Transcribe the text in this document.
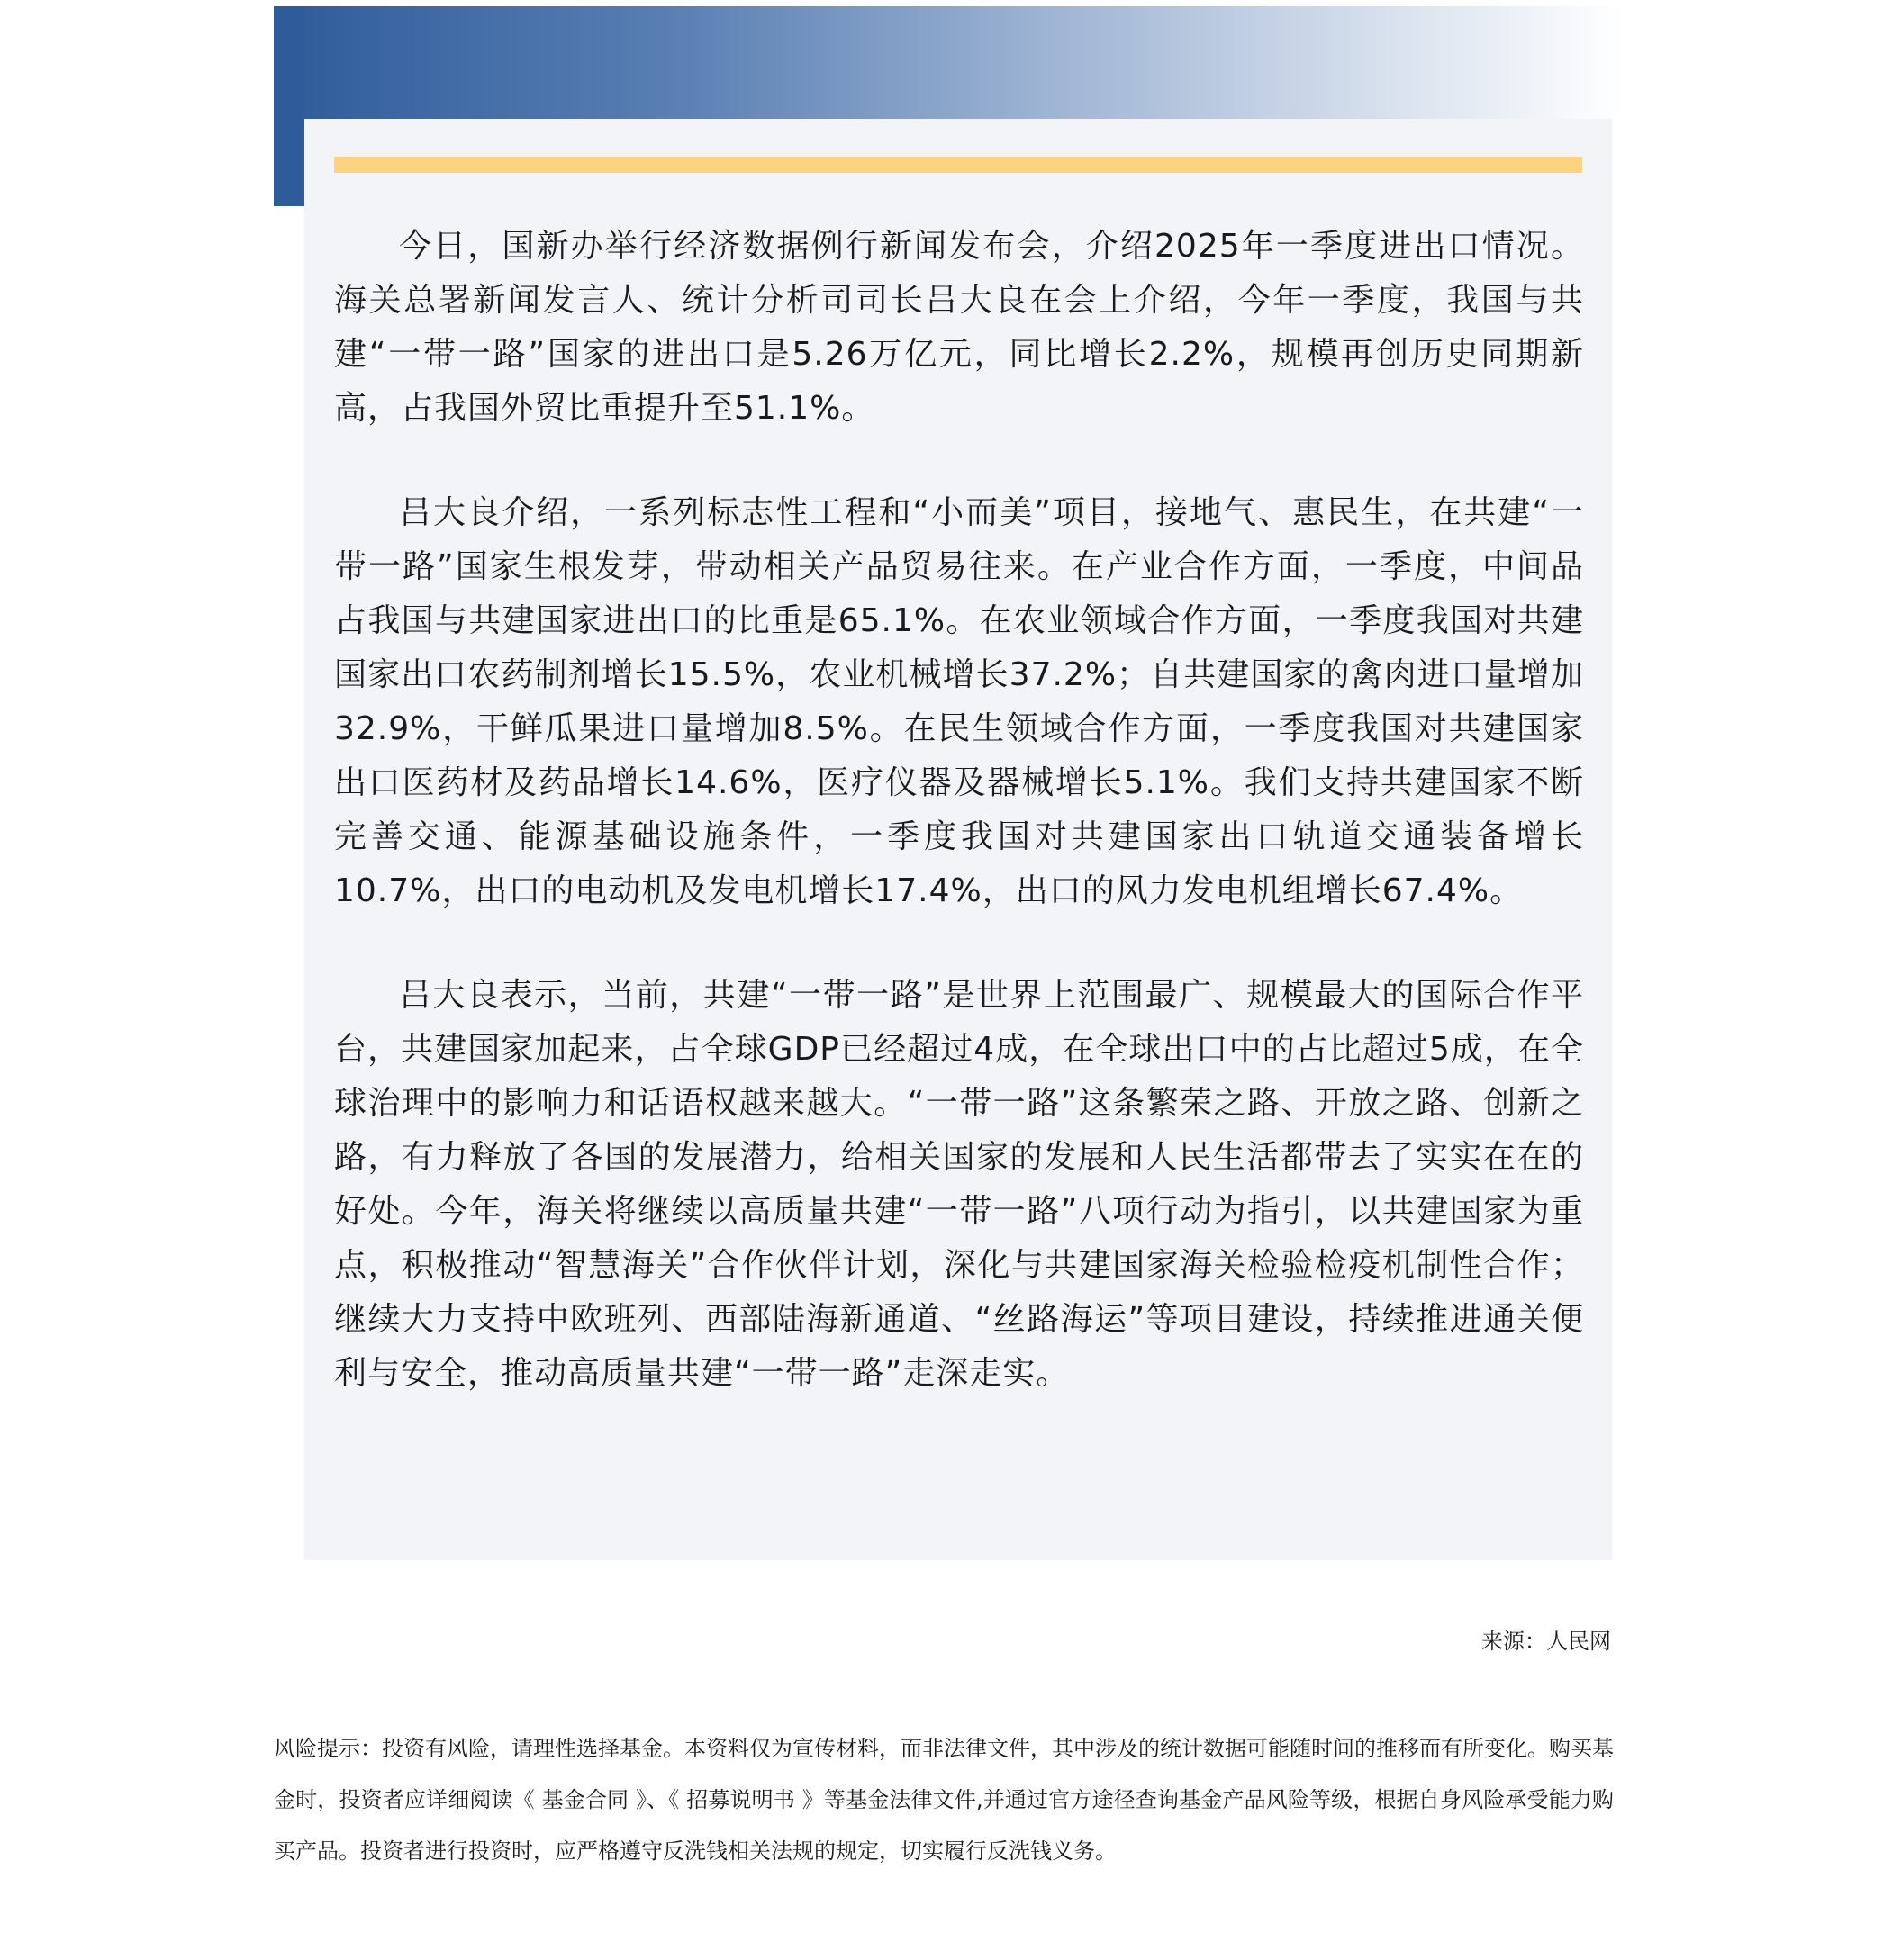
今日，国新办举行经济数据例行新闻发布会，介绍2025年一季度进出口情况。海关总署新闻发言人、统计分析司司长吕大良在会上介绍，今年一季度，我国与共建“一带一路”国家的进出口是5.26万亿元，同比增长2.2%，规模再创历史同期新高，占我国外贸比重提升至51.1%。

吕大良介绍，一系列标志性工程和“小而美”项目，接地气、惠民生，在共建“一带一路”国家生根发芽，带动相关产品贸易往来。在产业合作方面，一季度，中间品占我国与共建国家进出口的比重是65.1%。在农业领域合作方面，一季度我国对共建国家出口农药制剂增长15.5%，农业机械增长37.2%；自共建国家的禽肉进口量增加32.9%，干鲜瓜果进口量增加8.5%。在民生领域合作方面，一季度我国对共建国家出口医药材及药品增长14.6%，医疗仪器及器械增长5.1%。我们支持共建国家不断完善交通、能源基础设施条件，一季度我国对共建国家出口轨道交通装备增长10.7%，出口的电动机及发电机增长17.4%，出口的风力发电机组增长67.4%。

吕大良表示，当前，共建“一带一路”是世界上范围最广、规模最大的国际合作平台，共建国家加起来，占全球GDP已经超过4成，在全球出口中的占比超过5成，在全球治理中的影响力和话语权越来越大。“一带一路”这条繁荣之路、开放之路、创新之路，有力释放了各国的发展潜力，给相关国家的发展和人民生活都带去了实实在在的好处。今年，海关将继续以高质量共建“一带一路”八项行动为指引，以共建国家为重点，积极推动“智慧海关”合作伙伴计划，深化与共建国家海关检验检疫机制性合作；继续大力支持中欧班列、西部陆海新通道、“丝路海运”等项目建设，持续推进通关便利与安全，推动高质量共建“一带一路”走深走实。

来源：人民网

风险提示：投资有风险，请理性选择基金。本资料仅为宣传材料，而非法律文件，其中涉及的统计数据可能随时间的推移而有所变化。购买基金时，投资者应详细阅读《 基金合同 》、《 招募说明书 》等基金法律文件,并通过官方途径查询基金产品风险等级，根据自身风险承受能力购买产品。投资者进行投资时，应严格遵守反洗钱相关法规的规定，切实履行反洗钱义务。
